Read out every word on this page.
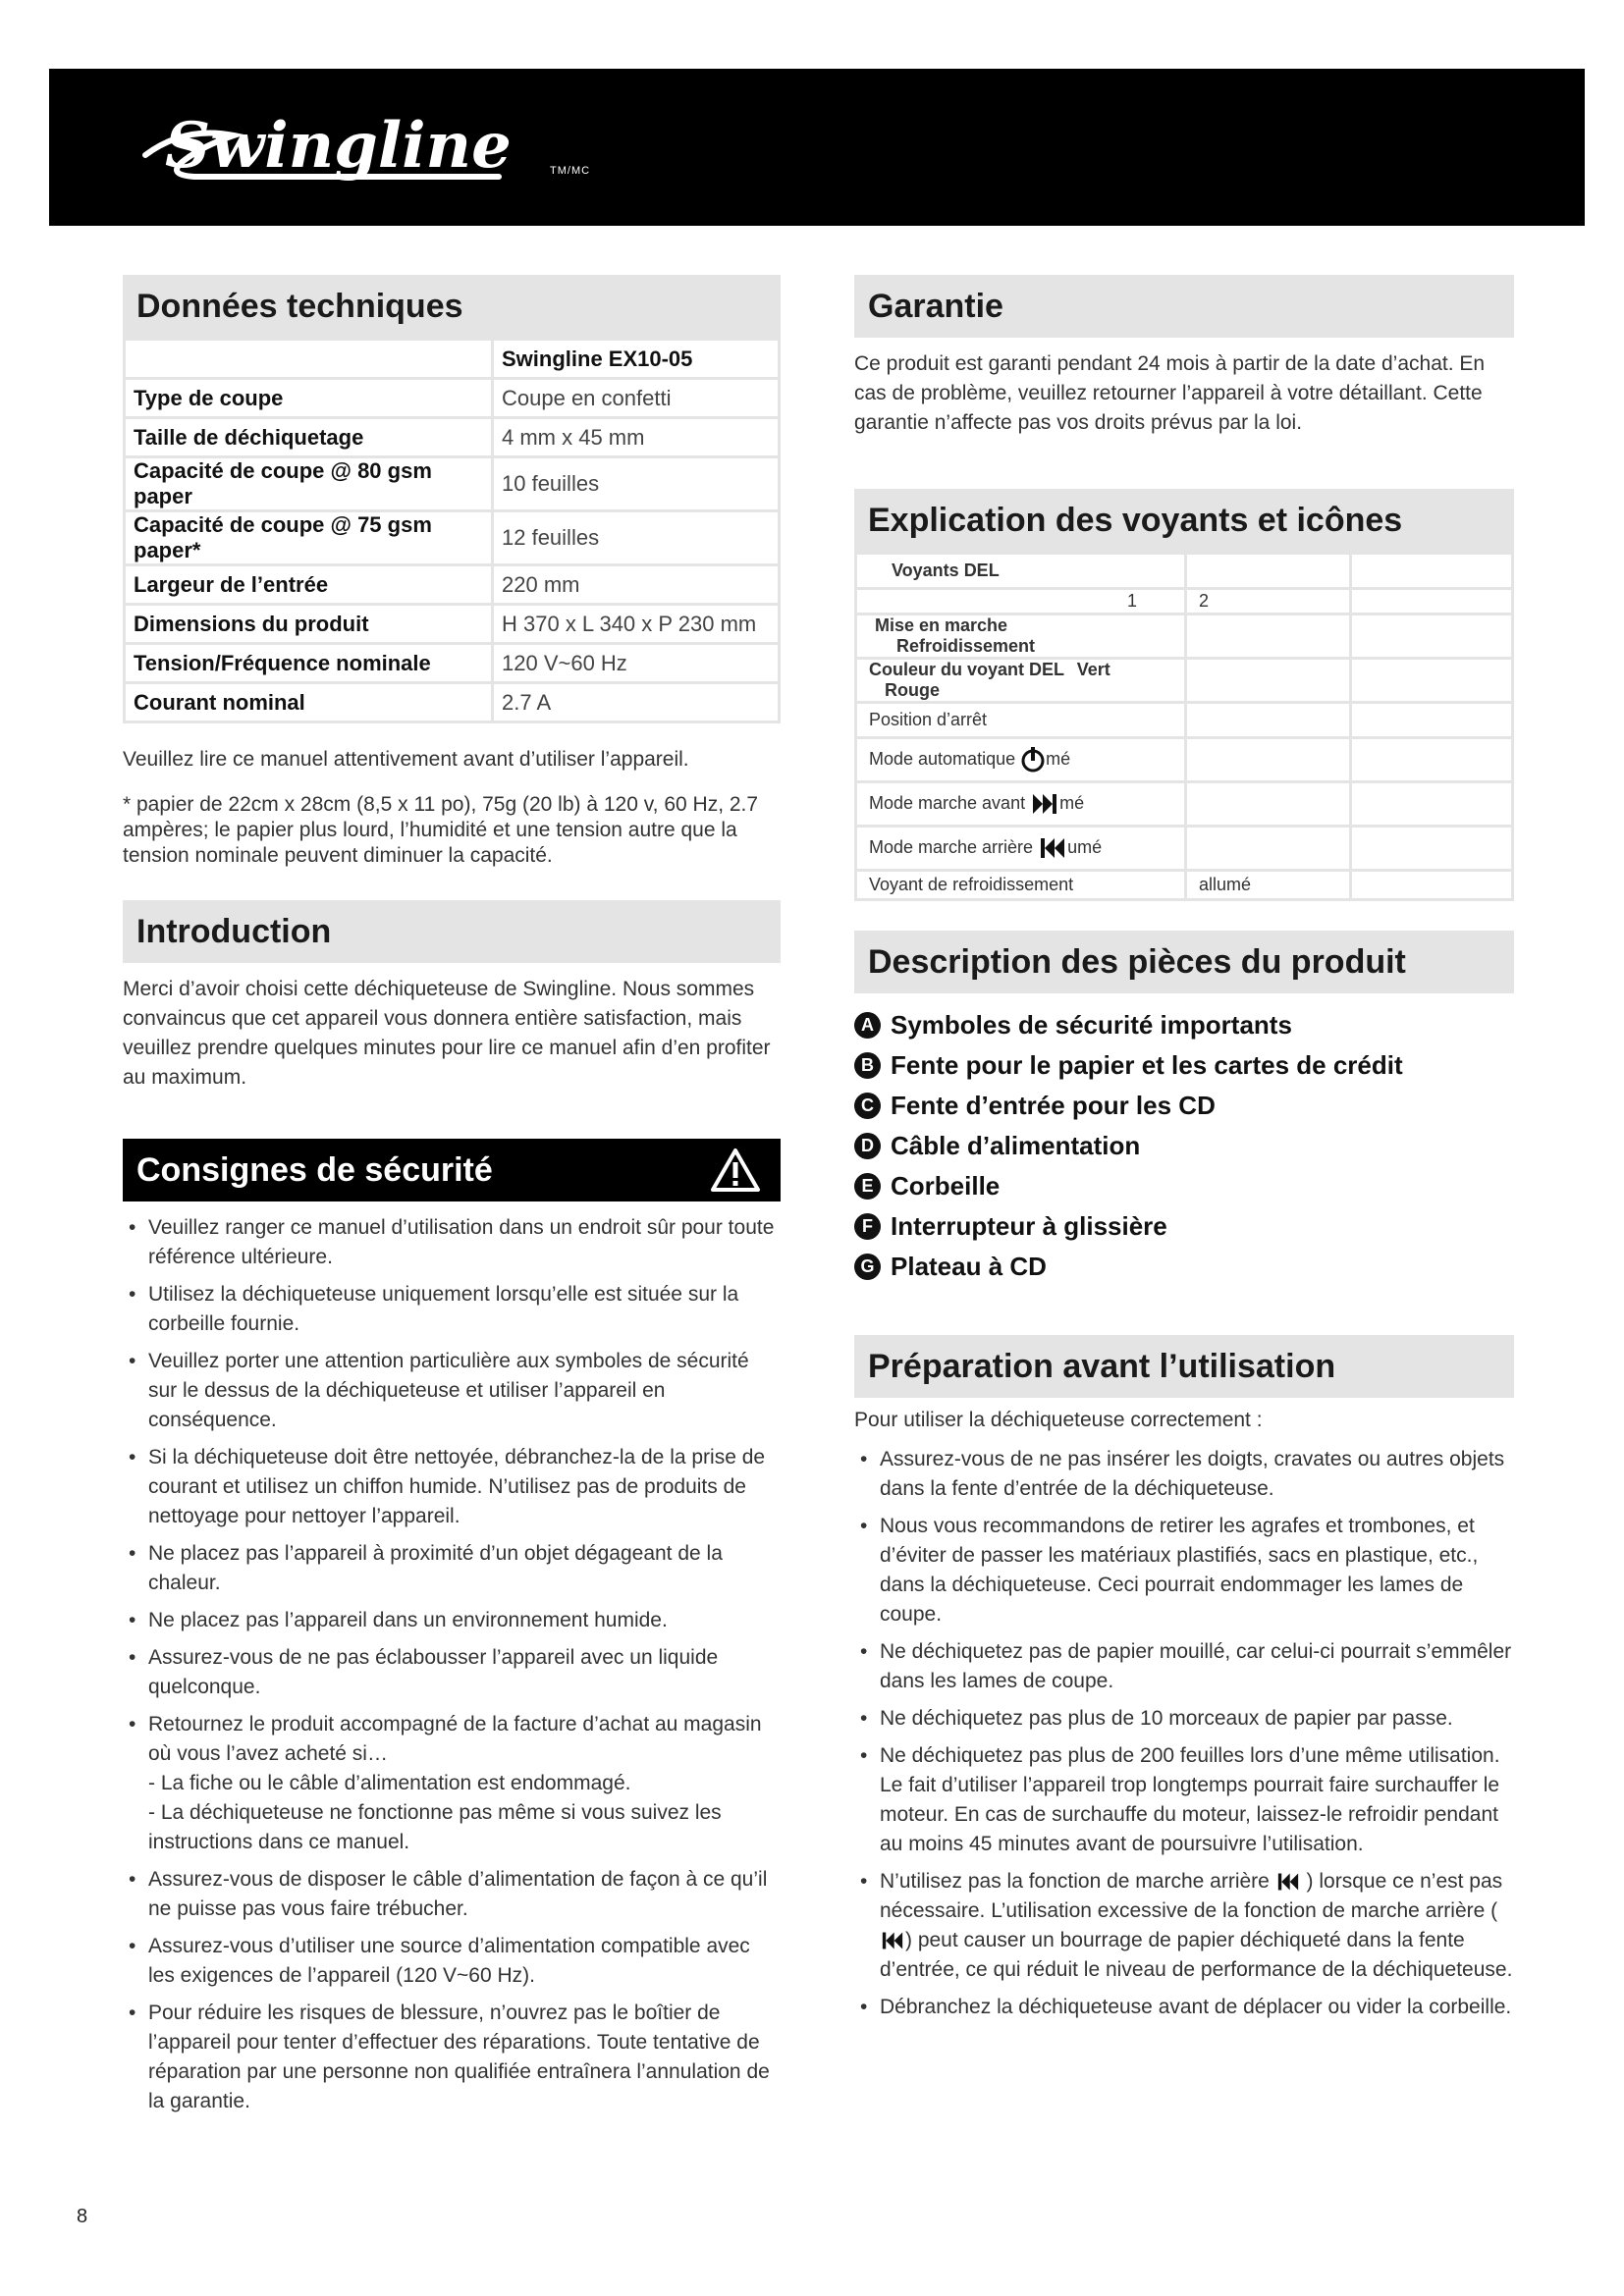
Swingline	TM/MC
Données techniques
	Swingline EX10-05
Type de coupe	Coupe en confetti
Taille de déchiquetage	4 mm x 45 mm
Capacité de coupe @ 80 gsm paper	10 feuilles
Capacité de coupe @ 75 gsm paper*	12 feuilles
Largeur de l’entrée	220 mm
Dimensions du produit	H 370 x L 340 x P 230 mm
Tension/Fréquence nominale	120 V~60 Hz
Courant nominal	2.7 A

Veuillez lire ce manuel attentivement avant d’utiliser l’appareil.

* papier de 22cm x 28cm (8,5 x 11 po), 75g (20 lb) à 120 v, 60 Hz, 2.7 ampères; le papier plus lourd, l’humidité et une tension autre que la tension nominale peuvent diminuer la capacité.

Introduction

Merci d’avoir choisi cette déchiqueteuse de Swingline. Nous sommes convaincus que cet appareil vous donnera entière satisfaction, mais veuillez prendre quelques minutes pour lire ce manuel afin d’en profiter au maximum.

Consignes de sécurité
• Veuillez ranger ce manuel d’utilisation dans un endroit sûr pour toute référence ultérieure.
• Utilisez la déchiqueteuse uniquement lorsqu’elle est située sur la corbeille fournie.
• Veuillez porter une attention particulière aux symboles de sécurité sur le dessus de la déchiqueteuse et utiliser l’appareil en conséquence.
• Si la déchiqueteuse doit être nettoyée, débranchez-la de la prise de courant et utilisez un chiffon humide. N’utilisez pas de produits de nettoyage pour nettoyer l’appareil.
• Ne placez pas l’appareil à proximité d’un objet dégageant de la chaleur.
• Ne placez pas l’appareil dans un environnement humide.
• Assurez-vous de ne pas éclabousser l’appareil avec un liquide quelconque.
• Retournez le produit accompagné de la facture d’achat au magasin où vous l’avez acheté si…
- La fiche ou le câble d’alimentation est endommagé.
- La déchiqueteuse ne fonctionne pas même si vous suivez les instructions dans ce manuel.
• Assurez-vous de disposer le câble d’alimentation de façon à ce qu’il ne puisse pas vous faire trébucher.
• Assurez-vous d’utiliser une source d’alimentation compatible avec les exigences de l’appareil (120 V~60 Hz).
• Pour réduire les risques de blessure, n’ouvrez pas le boîtier de l’appareil pour tenter d’effectuer des réparations. Toute tentative de réparation par une personne non qualifiée entraînera l’annulation de la garantie.
Garantie

Ce produit est garanti pendant 24 mois à partir de la date d’achat. En cas de problème, veuillez retourner l’appareil à votre détaillant. Cette garantie n’affecte pas vos droits prévus par la loi.

Explication des voyants et icônes
Voyants DEL		
1	2	
Mise en marche Refroidissement		
Couleur du voyant DEL Vert Rouge		
Position d’arrêt		
Mode automatique mé		
Mode marche avant mé		
Mode marche arrière umé		
Voyant de refroidissement	allumé	
Description des pièces du produit
A Symboles de sécurité importants
B Fente pour le papier et les cartes de crédit
C Fente d’entrée pour les CD
D Câble d’alimentation
E Corbeille
F Interrupteur à glissière
G Plateau à CD
Préparation avant l’utilisation

Pour utiliser la déchiqueteuse correctement :

• Assurez-vous de ne pas insérer les doigts, cravates ou autres objets dans la fente d’entrée de la déchiqueteuse.
• Nous vous recommandons de retirer les agrafes et trombones, et d’éviter de passer les matériaux plastifiés, sacs en plastique, etc., dans la déchiqueteuse. Ceci pourrait endommager les lames de coupe.
• Ne déchiquetez pas de papier mouillé, car celui-ci pourrait s’emmêler dans les lames de coupe.
• Ne déchiquetez pas plus de 10 morceaux de papier par passe.
• Ne déchiquetez pas plus de 200 feuilles lors d’une même utilisation. Le fait d’utiliser l’appareil trop longtemps pourrait faire surchauffer le moteur. En cas de surchauffe du moteur, laissez-le refroidir pendant au moins 45 minutes avant de poursuivre l’utilisation.
• N’utilisez pas la fonction de marche arrière ) lorsque ce n’est pas nécessaire. L’utilisation excessive de la fonction de marche arrière () peut causer un bourrage de papier déchiqueté dans la fente d’entrée, ce qui réduit le niveau de performance de la déchiqueteuse.
• Débranchez la déchiqueteuse avant de déplacer ou vider la corbeille.
8
